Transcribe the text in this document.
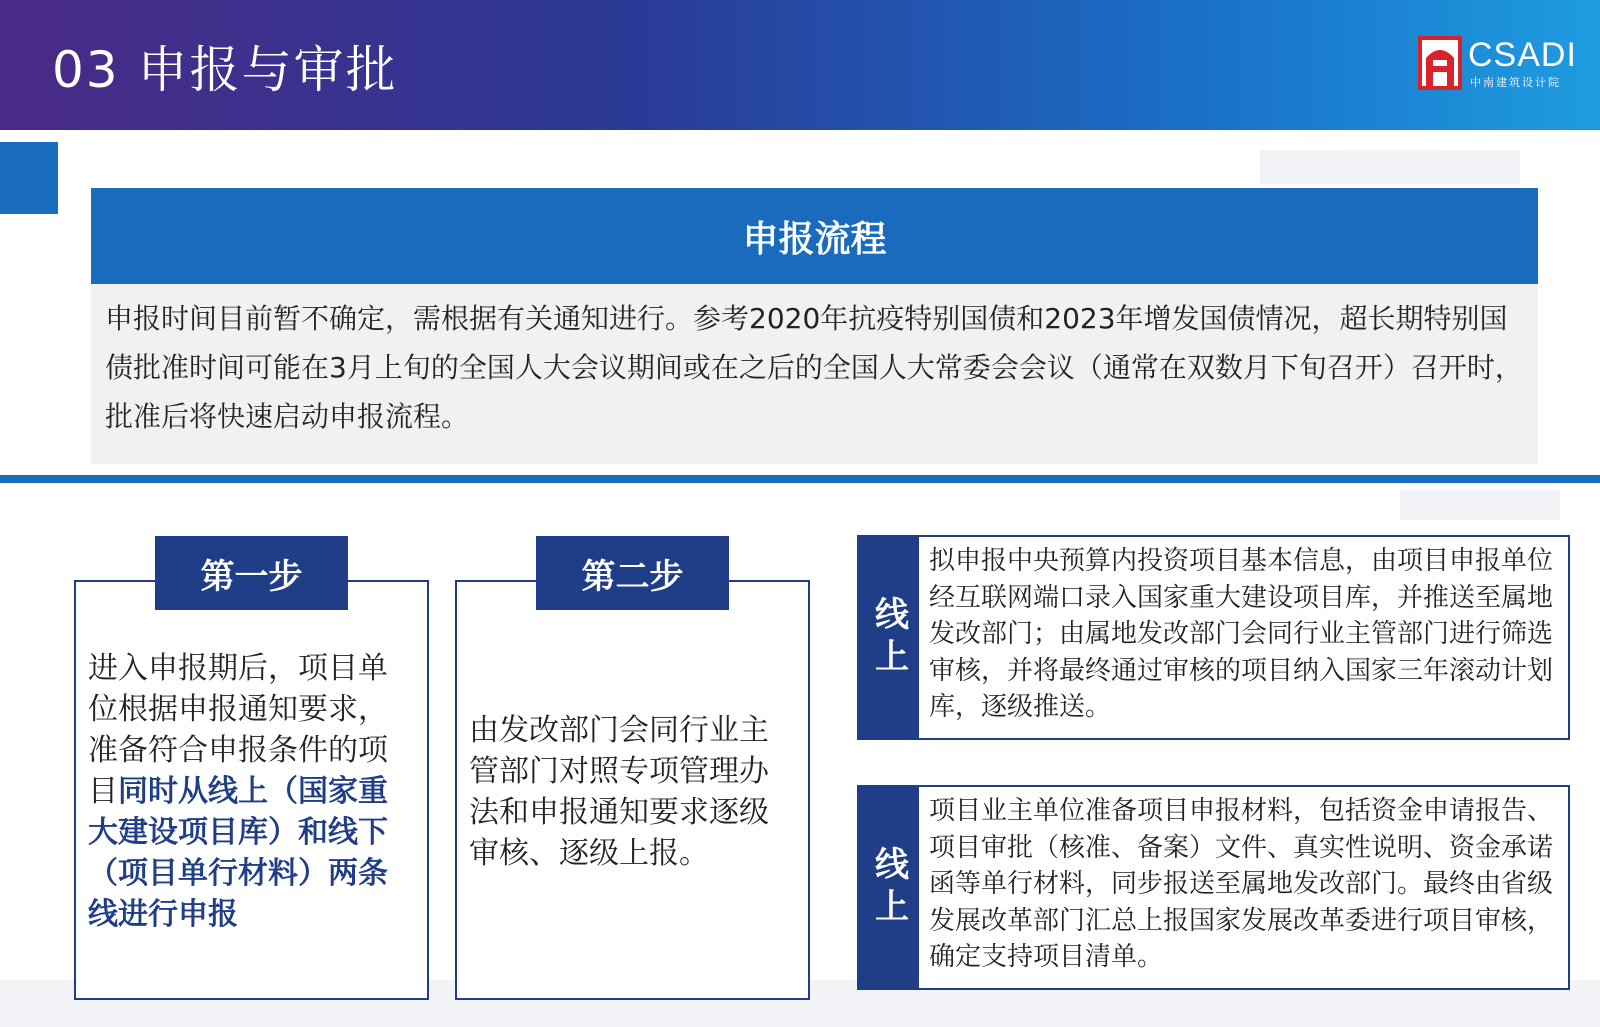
03 申报与审批	CSADI
中南建筑设计院
申报流程
申报时间目前暂不确定，需根据有关通知进行。参考2020年抗疫特别国债和2023年增发国债情况，超长期特别国债批准时间可能在3月上旬的全国人大会议期间或在之后的全国人大常委会会议（通常在双数月下旬召开）召开时，批准后将快速启动申报流程。
进入申报期后，项目单位根据申报通知要求，准备符合申报条件的项目同时从线上（国家重大建设项目库）和线下（项目单行材料）两条线进行申报
第一步
由发改部门会同行业主管部门对照专项管理办法和申报通知要求逐级审核、逐级上报。
第二步
线上
拟申报中央预算内投资项目基本信息，由项目申报单位经互联网端口录入国家重大建设项目库，并推送至属地发改部门；由属地发改部门会同行业主管部门进行筛选审核，并将最终通过审核的项目纳入国家三年滚动计划库，逐级推送。
线上
项目业主单位准备项目申报材料，包括资金申请报告、项目审批（核准、备案）文件、真实性说明、资金承诺函等单行材料，同步报送至属地发改部门。最终由省级发展改革部门汇总上报国家发展改革委进行项目审核，确定支持项目清单。
